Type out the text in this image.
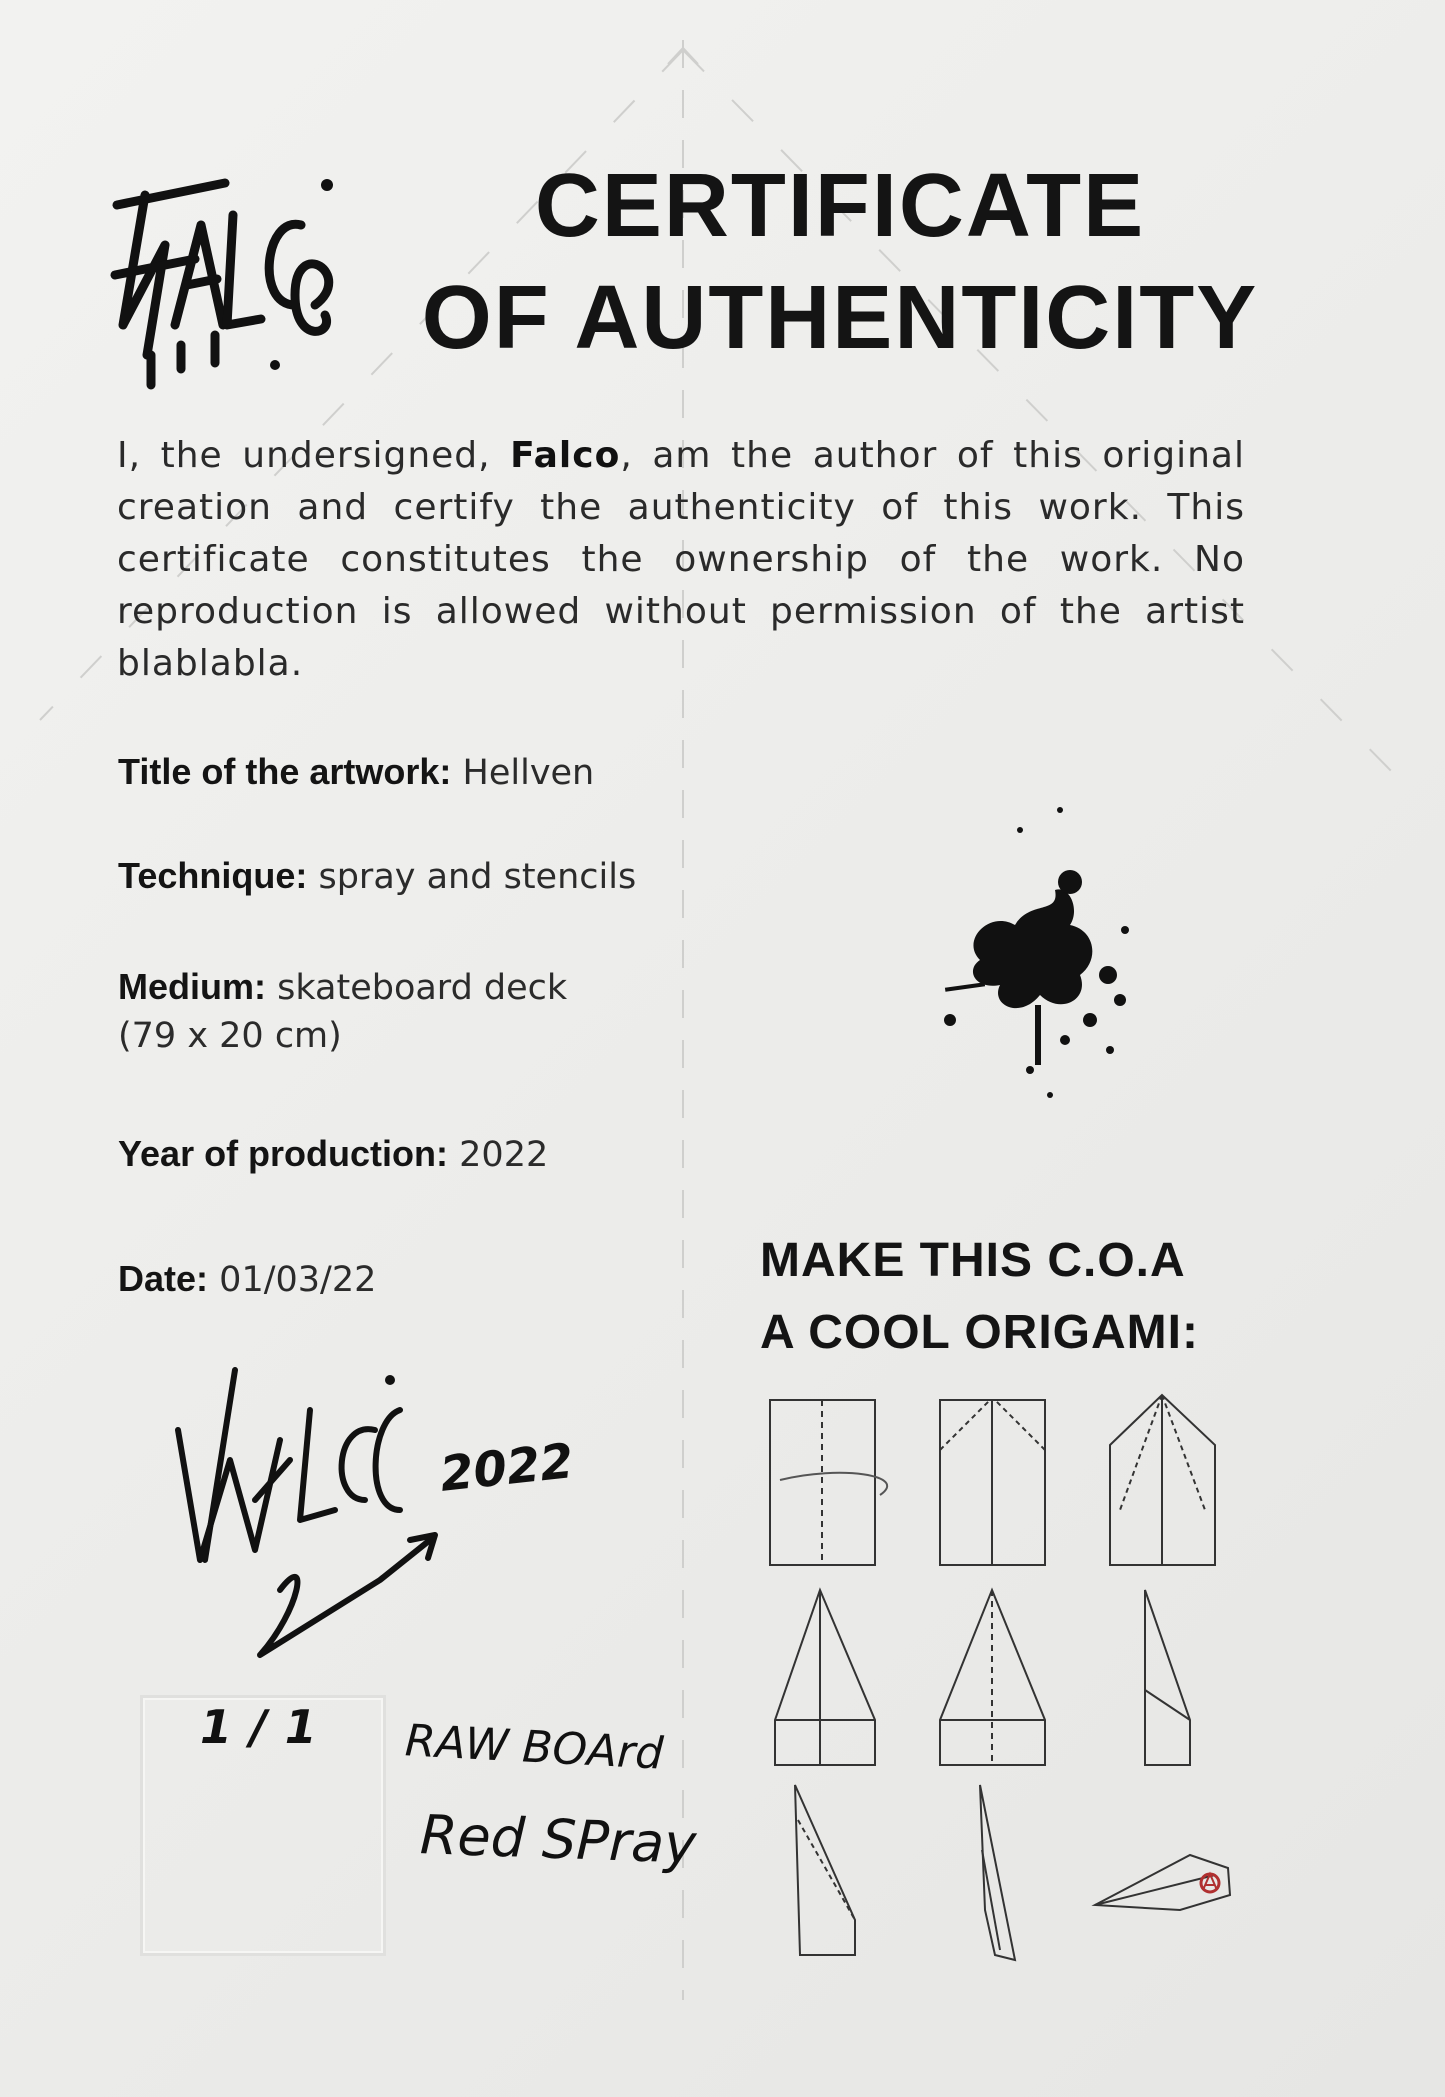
CERTIFICATE
OF AUTHENTICITY
I, the undersigned, Falco, am the author of this original creation and certify the authenticity of this work. This certificate constitutes the ownership of the work. No reproduction is allowed without permission of the artist blablabla.
Title of the artwork: Hellven
Technique: spray and stencils
Medium: skateboard deck
(79 x 20 cm)
Year of production: 2022
Date: 01/03/22	MAKE THIS C.O.A
A COOL ORIGAMI:
2022
1/1 RAW BOArd
Red SPray
